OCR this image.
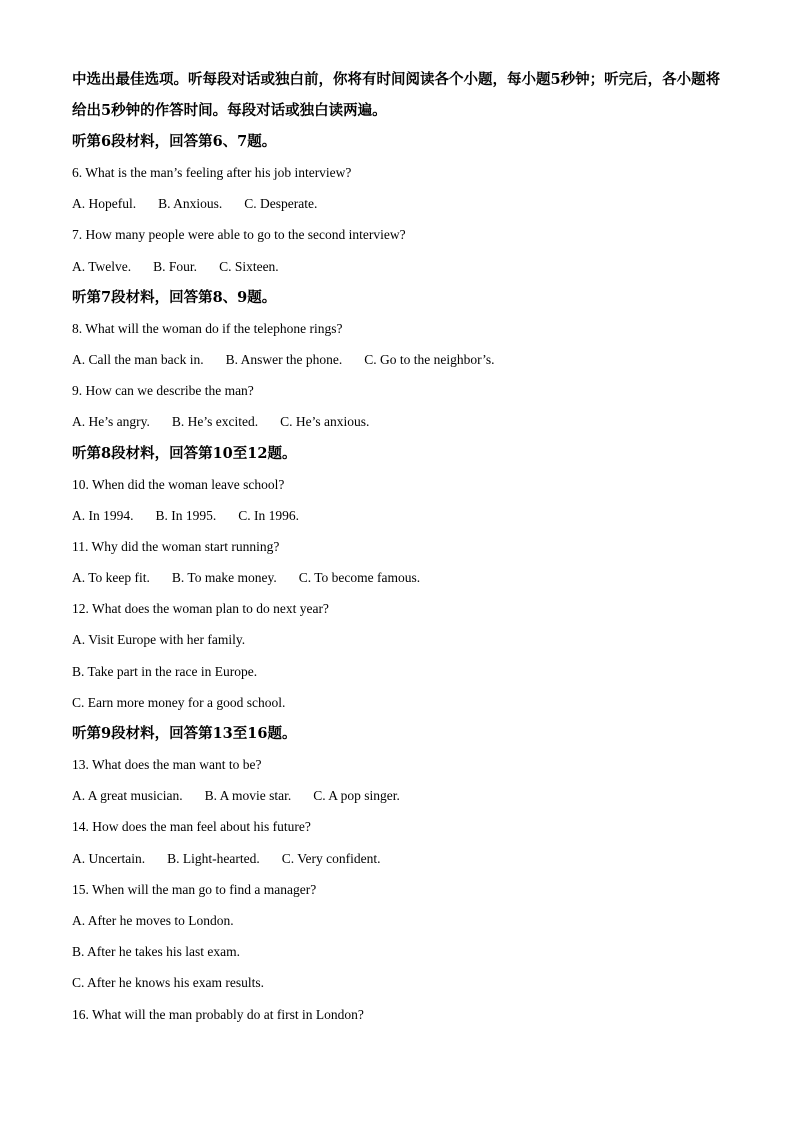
中选出最佳选项。听每段对话或独白前，你将有时间阅读各个小题，每小题5秒钟；听完后，各小题将给出5秒钟的作答时间。每段对话或独白读两遍。

听第6段材料，回答第6、7题。

6. What is the man’s feeling after his job interview?

A. Hopeful. B. Anxious. C. Desperate.

7. How many people were able to go to the second interview?

A. Twelve. B. Four. C. Sixteen.

听第7段材料，回答第8、9题。

8. What will the woman do if the telephone rings?

A. Call the man back in. B. Answer the phone. C. Go to the neighbor’s.

9. How can we describe the man?

A. He’s angry. B. He’s excited. C. He’s anxious.

听第8段材料，回答第10至12题。

10. When did the woman leave school?

A. In 1994. B. In 1995. C. In 1996.

11. Why did the woman start running?

A. To keep fit. B. To make money. C. To become famous.

12. What does the woman plan to do next year?

A. Visit Europe with her family.

B. Take part in the race in Europe.

C. Earn more money for a good school.

听第9段材料，回答第13至16题。

13. What does the man want to be?

A. A great musician. B. A movie star. C. A pop singer.

14. How does the man feel about his future?

A. Uncertain. B. Light-hearted. C. Very confident.

15. When will the man go to find a manager?

A. After he moves to London.

B. After he takes his last exam.

C. After he knows his exam results.

16. What will the man probably do at first in London?
